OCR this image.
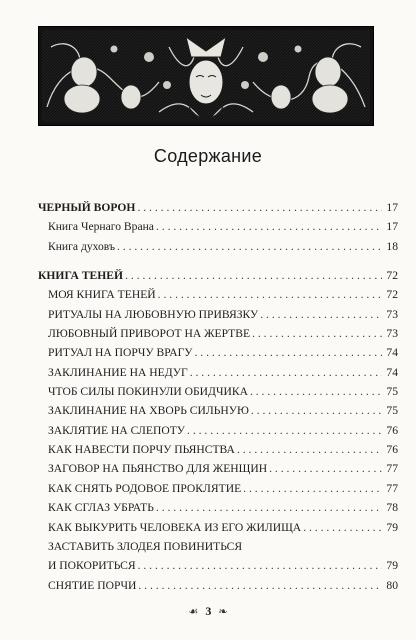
Содержание
ЧЕРНЫЙ ВОРОН . . .	17
Книга Чернаго Врана . . .	17
Книга духовъ . . .	18
КНИГА ТЕНЕЙ . . .	72
МОЯ КНИГА ТЕНЕЙ . . .	72
РИТУАЛЫ НА ЛЮБОВНУЮ ПРИВЯЗКУ . . .	73
ЛЮБОВНЫЙ ПРИВОРОТ НА ЖЕРТВЕ . . .	73
РИТУАЛ НА ПОРЧУ ВРАГУ . . .	74
ЗАКЛИНАНИЕ НА НЕДУГ . . .	74
ЧТОБ СИЛЫ ПОКИНУЛИ ОБИДЧИКА . . .	75
ЗАКЛИНАНИЕ НА ХВОРЬ СИЛЬНУЮ . . .	75
ЗАКЛЯТИЕ НА СЛЕПОТУ . . .	76
КАК НАВЕСТИ ПОРЧУ ПЬЯНСТВА . . .	76
ЗАГОВОР НА ПЬЯНСТВО ДЛЯ ЖЕНЩИН . . .	77
КАК СНЯТЬ РОДОВОЕ ПРОКЛЯТИЕ . . .	77
КАК СГЛАЗ УБРАТЬ . . .	78
КАК ВЫКУРИТЬ ЧЕЛОВЕКА ИЗ ЕГО ЖИЛИЩА . . .	79
ЗАСТАВИТЬ ЗЛОДЕЯ ПОВИНИТЬСЯ
И ПОКОРИТЬСЯ . . .	79
СНЯТИЕ ПОРЧИ . . .	80
☙ 3 ❧
